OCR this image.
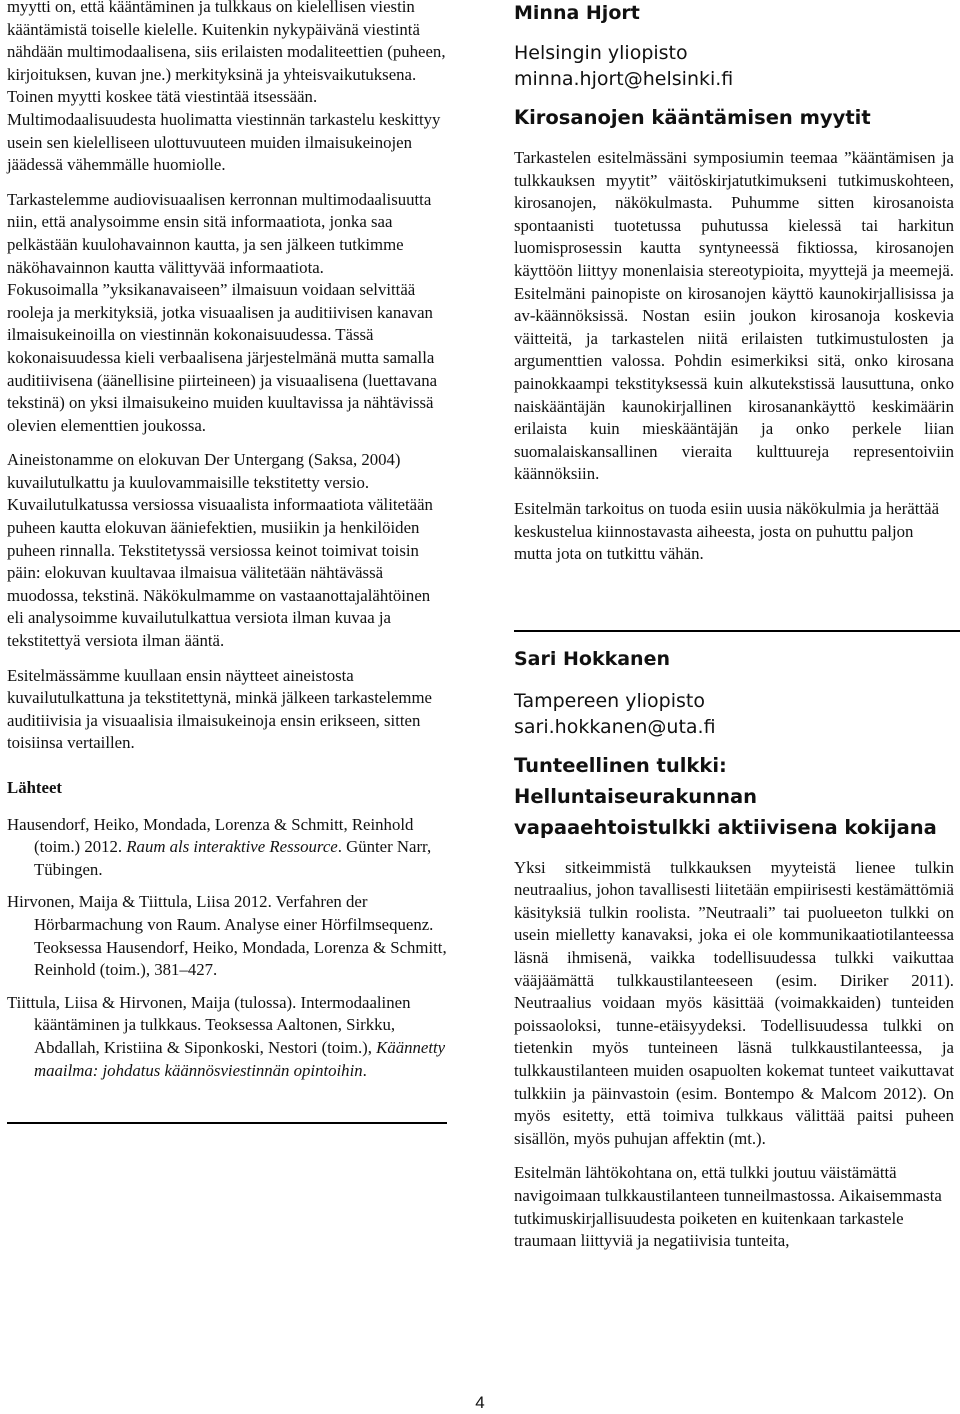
myytti on, että kääntäminen ja tulkkaus on kielellisen viestin kääntämistä toiselle kielelle. Kuitenkin nykypäivänä viestintä nähdään multimodaalisena, siis erilaisten modaliteettien (puheen, kirjoituksen, kuvan jne.) merkityksinä ja yhteisvaikutuksena. Toinen myytti koskee tätä viestintää itsessään. Multimodaalisuudesta huolimatta viestinnän tarkastelu keskittyy usein sen kielelliseen ulottuvuuteen muiden ilmaisukeinojen jäädessä vähemmälle huomiolle.

Tarkastelemme audiovisuaalisen kerronnan multimodaalisuutta niin, että analysoimme ensin sitä informaatiota, jonka saa pelkästään kuulohavainnon kautta, ja sen jälkeen tutkimme näköhavainnon kautta välittyvää informaatiota.

Fokusoimalla ”yksikanavaiseen” ilmaisuun voidaan selvittää rooleja ja merkityksiä, jotka visuaalisen ja auditiivisen kanavan ilmaisukeinoilla on viestinnän kokonaisuudessa. Tässä kokonaisuudessa kieli verbaalisena järjestelmänä mutta samalla auditiivisena (äänellisine piirteineen) ja visuaalisena (luettavana tekstinä) on yksi ilmaisukeino muiden kuultavissa ja nähtävissä olevien elementtien joukossa.

Aineistonamme on elokuvan Der Untergang (Saksa, 2004) kuvailutulkattu ja kuulovammaisille tekstitetty versio. Kuvailutulkatussa versiossa visuaalista informaatiota välitetään puheen kautta elokuvan ääniefektien, musiikin ja henkilöiden puheen rinnalla. Tekstitetyssä versiossa keinot toimivat toisin päin: elokuvan kuultavaa ilmaisua välitetään nähtävässä muodossa, tekstinä. Näkökulmamme on vastaanottajalähtöinen eli analysoimme kuvailutulkattua versiota ilman kuvaa ja tekstitettyä versiota ilman ääntä.

Esitelmässämme kuullaan ensin näytteet aineistosta kuvailutulkattuna ja tekstitettynä, minkä jälkeen tarkastelemme auditiivisia ja visuaalisia ilmaisukeinoja ensin erikseen, sitten toisiinsa vertaillen.

Lähteet

Hausendorf, Heiko, Mondada, Lorenza & Schmitt, Reinhold (toim.) 2012. Raum als interaktive Ressource. Günter Narr, Tübingen.

Hirvonen, Maija & Tiittula, Liisa 2012. Verfahren der Hörbarmachung von Raum. Analyse einer Hörfilmsequenz. Teoksessa Hausendorf, Heiko, Mondada, Lorenza & Schmitt, Reinhold (toim.), 381–427.

Tiittula, Liisa & Hirvonen, Maija (tulossa). Intermodaalinen kääntäminen ja tulkkaus. Teoksessa Aaltonen, Sirkku, Abdallah, Kristiina & Siponkoski, Nestori (toim.), Käännetty maailma: johdatus käännösviestinnän opintoihin.

Minna Hjort

Helsingin yliopisto

minna.hjort@helsinki.fi

Kirosanojen kääntämisen myytit

Tarkastelen esitelmässäni symposiumin teemaa ”kääntämisen ja tulkkauksen myytit” väitöskirjatutkimukseni tutkimuskohteen, kirosanojen, näkökulmasta. Puhumme sitten kirosanoista spontaanisti tuotetussa puhutussa kielessä tai harkitun luomisprosessin kautta syntyneessä fiktiossa, kirosanojen käyttöön liittyy monenlaisia stereotypioita, myyttejä ja meemejä. Esitelmäni painopiste on kirosanojen käyttö kaunokirjallisissa ja av-käännöksissä. Nostan esiin joukon kirosanoja koskevia väitteitä, ja tarkastelen niitä erilaisten tutkimustulosten ja argumenttien valossa. Pohdin esimerkiksi sitä, onko kirosana painokkaampi tekstityksessä kuin alkutekstissä lausuttuna, onko naiskääntäjän kaunokirjallinen kirosanankäyttö keskimäärin erilaista kuin mieskääntäjän ja onko perkele liian suomalaiskansallinen vieraita kulttuureja representoiviin käännöksiin.

Esitelmän tarkoitus on tuoda esiin uusia näkökulmia ja herättää keskustelua kiinnostavasta aiheesta, josta on puhuttu paljon mutta jota on tutkittu vähän.

Sari Hokkanen

Tampereen yliopisto

sari.hokkanen@uta.fi

Tunteellinen tulkki: Helluntaiseurakunnan vapaaehtoistulkki aktiivisena kokijana

Yksi sitkeimmistä tulkkauksen myyteistä lienee tulkin neutraalius, johon tavallisesti liitetään empiirisesti kestämättömiä käsityksiä tulkin roolista. ”Neutraali” tai puolueeton tulkki on usein mielletty kanavaksi, joka ei ole kommunikaatiotilanteessa läsnä ihmisenä, vaikka todellisuudessa tulkki vaikuttaa vääjäämättä tulkkaustilanteeseen (esim. Diriker 2011). Neutraalius voidaan myös käsittää (voimakkaiden) tunteiden poissaoloksi, tunne-etäisyydeksi. Todellisuudessa tulkki on tietenkin myös tunteineen läsnä tulkkaustilanteessa, ja tulkkaustilanteen muiden osapuolten kokemat tunteet vaikuttavat tulkkiin ja päinvastoin (esim. Bontempo & Malcom 2012). On myös esitetty, että toimiva tulkkaus välittää paitsi puheen sisällön, myös puhujan affektin (mt.).

Esitelmän lähtökohtana on, että tulkki joutuu väistämättä navigoimaan tulkkaustilanteen tunneilmastossa. Aikaisemmasta tutkimuskirjallisuudesta poiketen en kuitenkaan tarkastele traumaan liittyviä ja negatiivisia tunteita,

4
